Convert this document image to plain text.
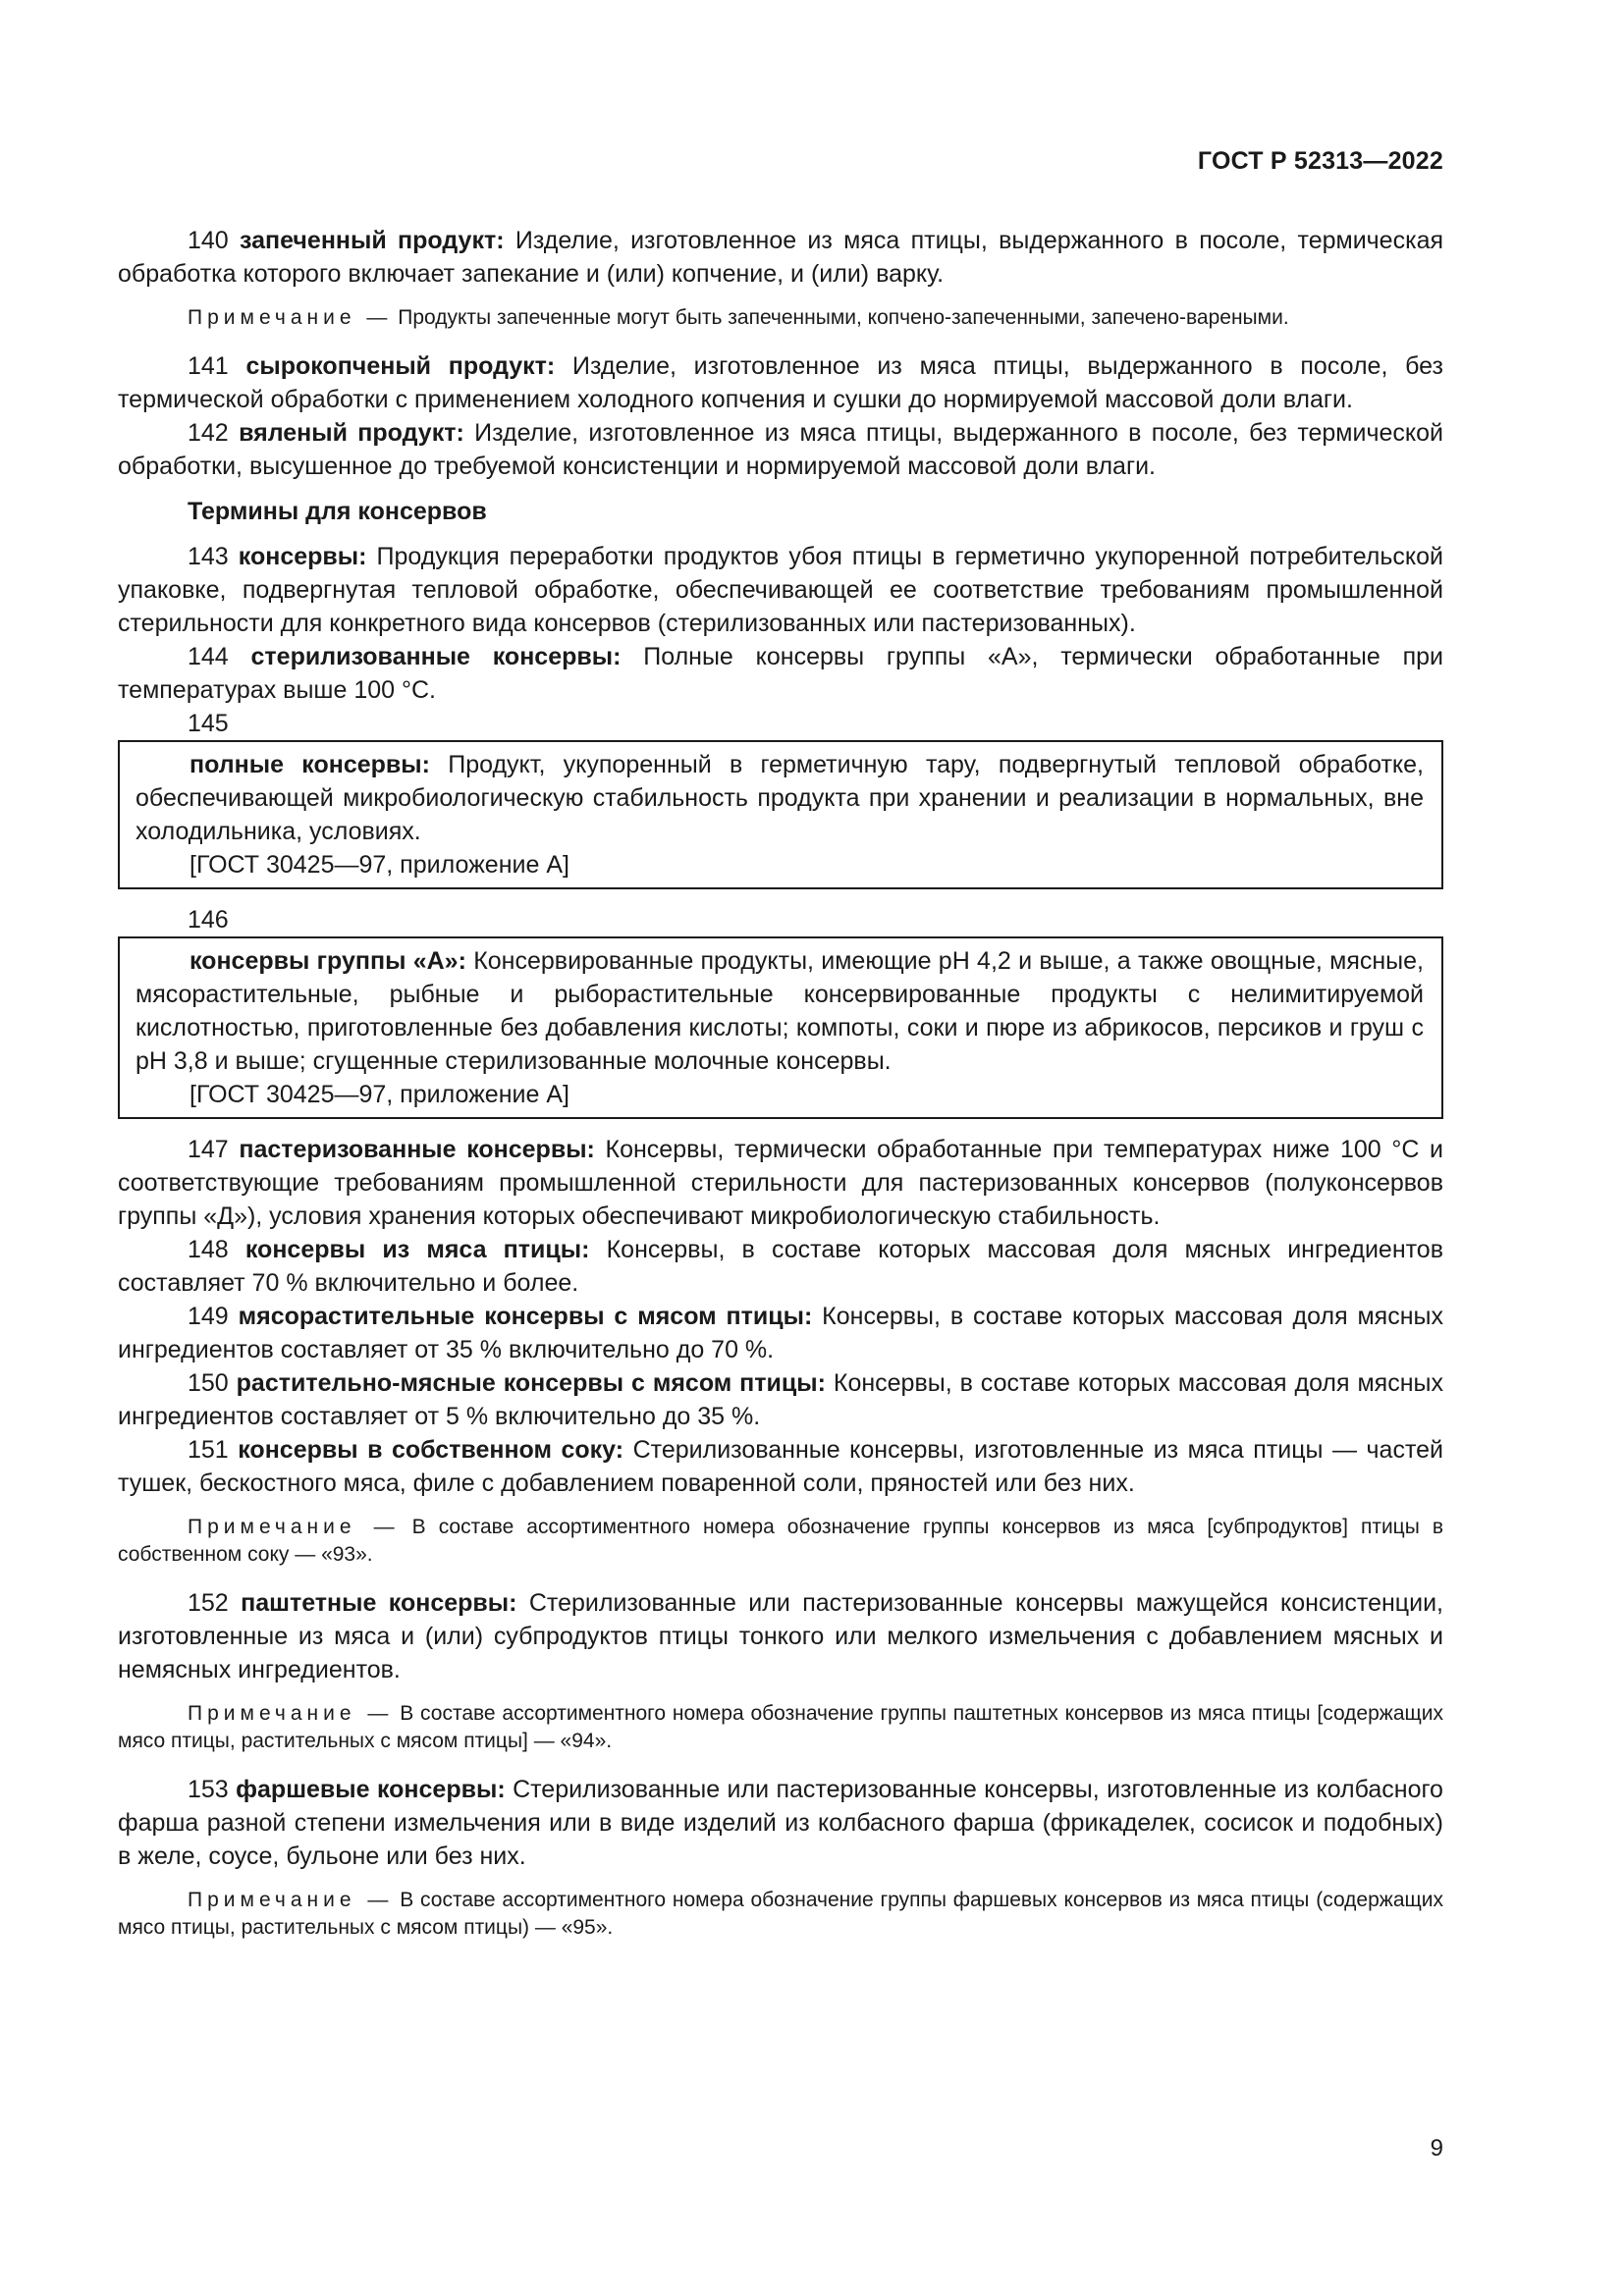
ГОСТ Р 52313—2022

140 запеченный продукт: Изделие, изготовленное из мяса птицы, выдержанного в посоле, термическая обработка которого включает запекание и (или) копчение, и (или) варку.

Примечание — Продукты запеченные могут быть запеченными, копчено-запеченными, запечено-вареными.

141 сырокопченый продукт: Изделие, изготовленное из мяса птицы, выдержанного в посоле, без термической обработки с применением холодного копчения и сушки до нормируемой массовой доли влаги.

142 вяленый продукт: Изделие, изготовленное из мяса птицы, выдержанного в посоле, без термической обработки, высушенное до требуемой консистенции и нормируемой массовой доли влаги.

Термины для консервов

143 консервы: Продукция переработки продуктов убоя птицы в герметично укупоренной потребительской упаковке, подвергнутая тепловой обработке, обеспечивающей ее соответствие требованиям промышленной стерильности для конкретного вида консервов (стерилизованных или пастеризованных).

144 стерилизованные консервы: Полные консервы группы «А», термически обработанные при температурах выше 100 °С.

145

полные консервы: Продукт, укупоренный в герметичную тару, подвергнутый тепловой обработке, обеспечивающей микробиологическую стабильность продукта при хранении и реализации в нормальных, вне холодильника, условиях.

[ГОСТ 30425—97, приложение А]

146

консервы группы «А»: Консервированные продукты, имеющие рН 4,2 и выше, а также овощные, мясные, мясорастительные, рыбные и рыборастительные консервированные продукты с нелимитируемой кислотностью, приготовленные без добавления кислоты; компоты, соки и пюре из абрикосов, персиков и груш с рН 3,8 и выше; сгущенные стерилизованные молочные консервы.

[ГОСТ 30425—97, приложение А]

147 пастеризованные консервы: Консервы, термически обработанные при температурах ниже 100 °С и соответствующие требованиям промышленной стерильности для пастеризованных консервов (полуконсервов группы «Д»), условия хранения которых обеспечивают микробиологическую стабильность.

148 консервы из мяса птицы: Консервы, в составе которых массовая доля мясных ингредиентов составляет 70 % включительно и более.

149 мясорастительные консервы с мясом птицы: Консервы, в составе которых массовая доля мясных ингредиентов составляет от 35 % включительно до 70 %.

150 растительно-мясные консервы с мясом птицы: Консервы, в составе которых массовая доля мясных ингредиентов составляет от 5 % включительно до 35 %.

151 консервы в собственном соку: Стерилизованные консервы, изготовленные из мяса птицы — частей тушек, бескостного мяса, филе с добавлением поваренной соли, пряностей или без них.

Примечание — В составе ассортиментного номера обозначение группы консервов из мяса [субпродуктов] птицы в собственном соку — «93».

152 паштетные консервы: Стерилизованные или пастеризованные консервы мажущейся консистенции, изготовленные из мяса и (или) субпродуктов птицы тонкого или мелкого измельчения с добавлением мясных и немясных ингредиентов.

Примечание — В составе ассортиментного номера обозначение группы паштетных консервов из мяса птицы [содержащих мясо птицы, растительных с мясом птицы] — «94».

153 фаршевые консервы: Стерилизованные или пастеризованные консервы, изготовленные из колбасного фарша разной степени измельчения или в виде изделий из колбасного фарша (фрикаделек, сосисок и подобных) в желе, соусе, бульоне или без них.

Примечание — В составе ассортиментного номера обозначение группы фаршевых консервов из мяса птицы (содержащих мясо птицы, растительных с мясом птицы) — «95».

9
